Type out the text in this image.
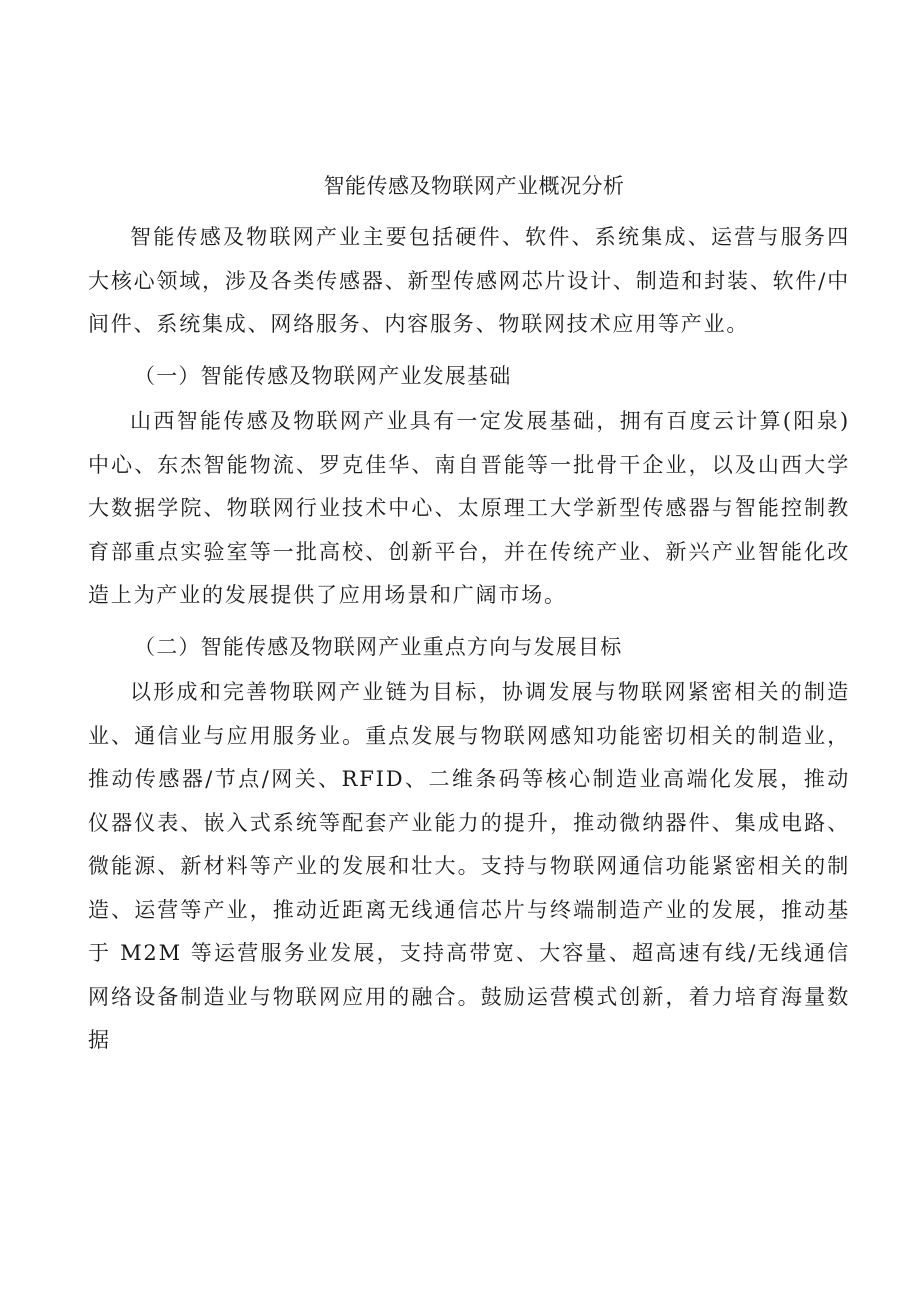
智能传感及物联网产业概况分析

智能传感及物联网产业主要包括硬件、软件、系统集成、运营与服务四大核心领域，涉及各类传感器、新型传感网芯片设计、制造和封装、软件/中间件、系统集成、网络服务、内容服务、物联网技术应用等产业。

（一）智能传感及物联网产业发展基础

山西智能传感及物联网产业具有一定发展基础，拥有百度云计算(阳泉)中心、东杰智能物流、罗克佳华、南自晋能等一批骨干企业，以及山西大学大数据学院、物联网行业技术中心、太原理工大学新型传感器与智能控制教育部重点实验室等一批高校、创新平台，并在传统产业、新兴产业智能化改造上为产业的发展提供了应用场景和广阔市场。

（二）智能传感及物联网产业重点方向与发展目标

以形成和完善物联网产业链为目标，协调发展与物联网紧密相关的制造业、通信业与应用服务业。重点发展与物联网感知功能密切相关的制造业，推动传感器/节点/网关、RFID、二维条码等核心制造业高端化发展，推动仪器仪表、嵌入式系统等配套产业能力的提升，推动微纳器件、集成电路、微能源、新材料等产业的发展和壮大。支持与物联网通信功能紧密相关的制造、运营等产业，推动近距离无线通信芯片与终端制造产业的发展，推动基于 M2M 等运营服务业发展，支持高带宽、大容量、超高速有线/无线通信网络设备制造业与物联网应用的融合。鼓励运营模式创新，着力培育海量数据
